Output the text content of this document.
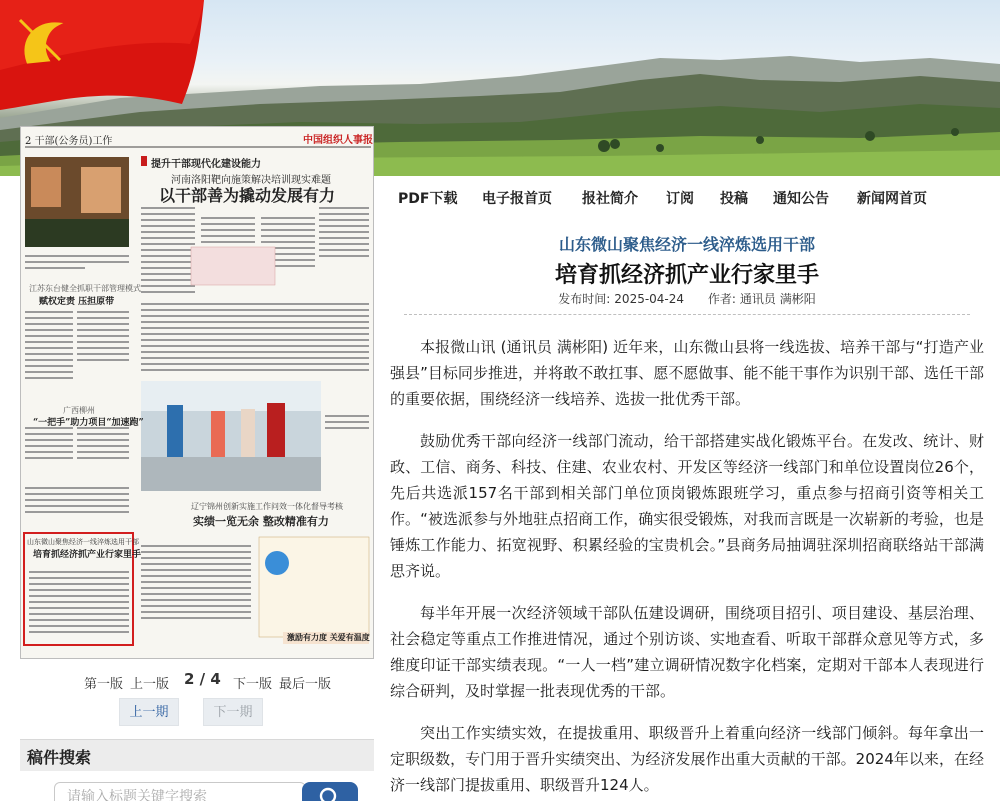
2 干部(公务员)工作	中国组织人事报
提升干部现代化建设能力
河南洛阳靶向施策解决培训现实难题
以干部善为撬动发展有力
江苏东台健全抓职干部管理模式
赋权定责 压担原带
广西柳州
“一把手”助力项目“加速跑”
辽宁锦州创新实施工作问效一体化督导考核
实绩一览无余 整改精准有力
山东微山聚焦经济一线淬炼选用干部
培育抓经济抓产业行家里手
激励有力度 关爱有温度
第一版 上一版 2 / 4 下一版 最后一版
上一期	下一期
稿件搜索
请输入标题关键字搜索
PDF下载 电子报首页 报社简介 订阅 投稿 通知公告 新闻网首页
山东微山聚焦经济一线淬炼选用干部
培育抓经济抓产业行家里手
发布时间: 2025-04-24 作者: 通讯员 满彬阳

本报微山讯 (通讯员 满彬阳) 近年来，山东微山县将一线选拔、培养干部与“打造产业强县”目标同步推进，并将敢不敢扛事、愿不愿做事、能不能干事作为识别干部、选任干部的重要依据，围绕经济一线培养、选拔一批优秀干部。

鼓励优秀干部向经济一线部门流动，给干部搭建实战化锻炼平台。在发改、统计、财政、工信、商务、科技、住建、农业农村、开发区等经济一线部门和单位设置岗位26个，先后共选派157名干部到相关部门单位顶岗锻炼跟班学习，重点参与招商引资等相关工作。“被选派参与外地驻点招商工作，确实很受锻炼，对我而言既是一次崭新的考验，也是锤炼工作能力、拓宽视野、积累经验的宝贵机会。”县商务局抽调驻深圳招商联络站干部满思齐说。

每半年开展一次经济领域干部队伍建设调研，围绕项目招引、项目建设、基层治理、社会稳定等重点工作推进情况，通过个别访谈、实地查看、听取干部群众意见等方式，多维度印证干部实绩表现。“一人一档”建立调研情况数字化档案，定期对干部本人表现进行综合研判，及时掌握一批表现优秀的干部。

突出工作实绩实效，在提拔重用、职级晋升上着重向经济一线部门倾斜。每年拿出一定职级数，专门用于晋升实绩突出、为经济发展作出重大贡献的干部。2024年以来，在经济一线部门提拔重用、职级晋升124人。
